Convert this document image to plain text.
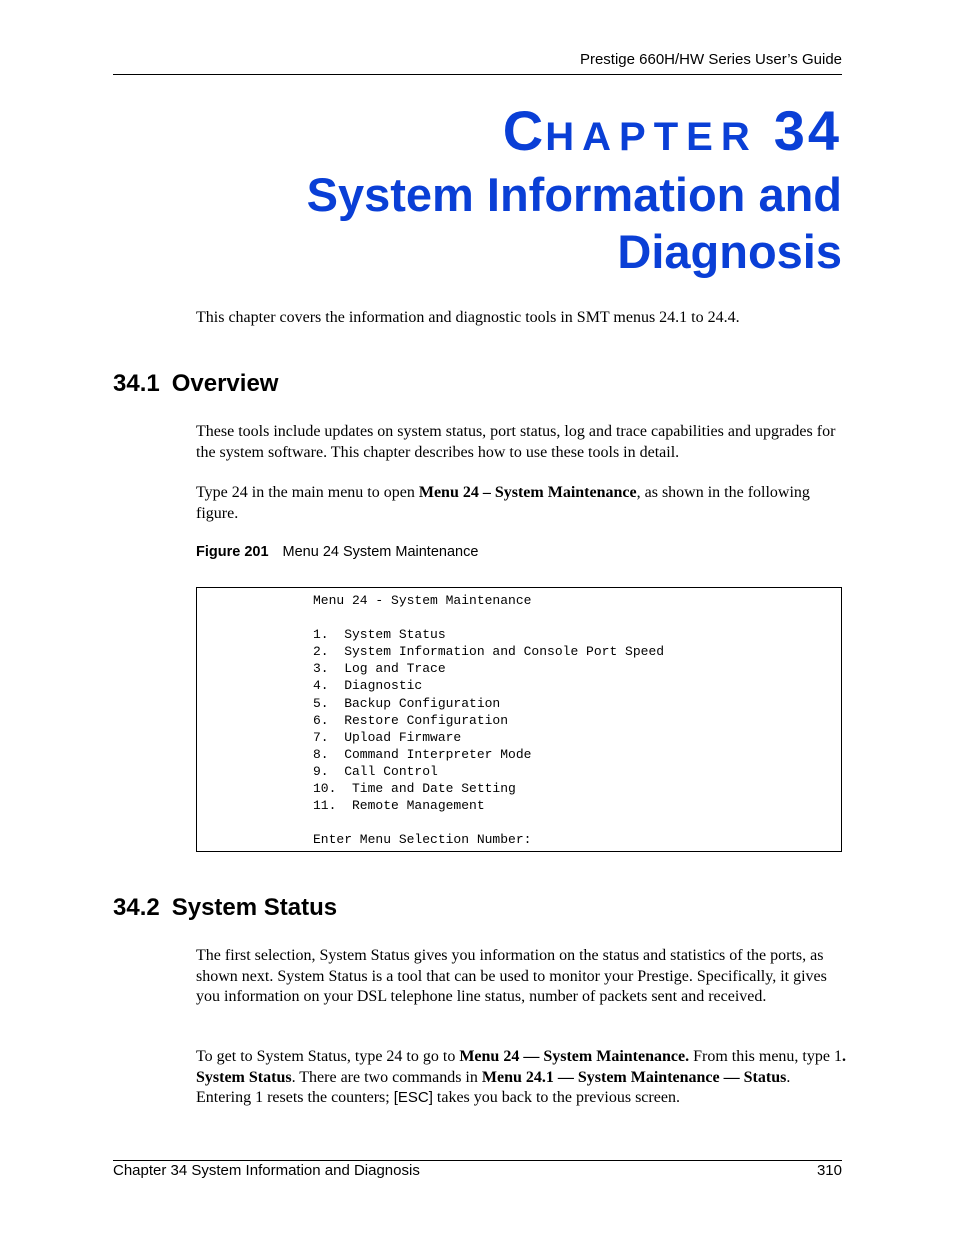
Prestige 660H/HW Series User’s Guide
CHAPTER 34
System Information and
Diagnosis
This chapter covers the information and diagnostic tools in SMT menus 24.1 to 24.4.
34.1 Overview
These tools include updates on system status, port status, log and trace capabilities and upgrades for the system software. This chapter describes how to use these tools in detail.
Type 24 in the main menu to open Menu 24 – System Maintenance, as shown in the following figure.
Figure 201 Menu 24 System Maintenance
Menu 24 - System Maintenance

1.  System Status
2.  System Information and Console Port Speed
3.  Log and Trace
4.  Diagnostic
5.  Backup Configuration
6.  Restore Configuration
7.  Upload Firmware
8.  Command Interpreter Mode
9.  Call Control
10.  Time and Date Setting
11.  Remote Management

Enter Menu Selection Number:
34.2 System Status
The first selection, System Status gives you information on the status and statistics of the ports, as shown next. System Status is a tool that can be used to monitor your Prestige. Specifically, it gives you information on your DSL telephone line status, number of packets sent and received.
To get to System Status, type 24 to go to Menu 24 — System Maintenance. From this menu, type 1. System Status. There are two commands in Menu 24.1 — System Maintenance — Status. Entering 1 resets the counters; [ESC] takes you back to the previous screen.
Chapter 34 System Information and Diagnosis	310
